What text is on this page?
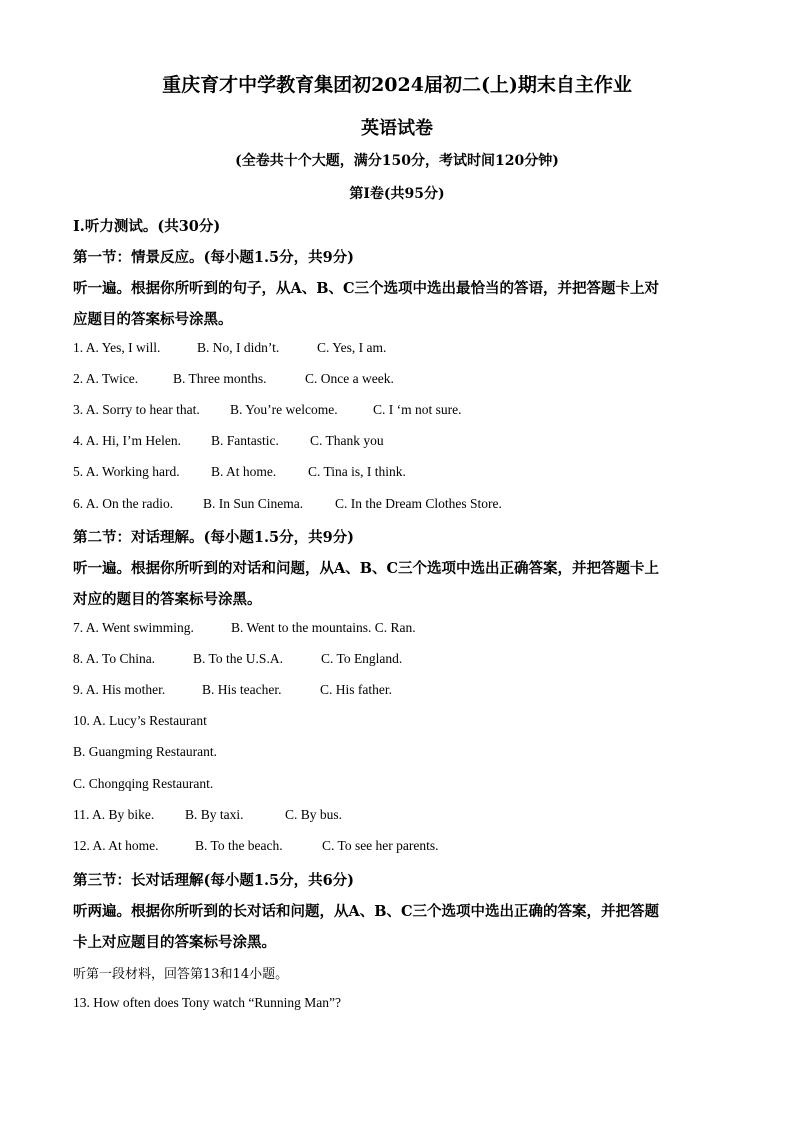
重庆育才中学教育集团初2024届初二(上)期末自主作业
英语试卷
(全卷共十个大题，满分150分，考试时间120分钟)
第I卷(共95分)
I.听力测试。(共30分)
第一节：情景反应。(每小题1.5分，共9分)
听一遍。根据你所听到的句子，从A、B、C三个选项中选出最恰当的答语，并把答题卡上对
应题目的答案标号涂黑。
1. A. Yes, I will.	B. No, I didn’t.	C. Yes, I am.
2. A. Twice.	B. Three months.	C. Once a week.
3. A. Sorry to hear that. B. You’re welcome.	C. I ‘m not sure.
4. A. Hi, I’m Helen. B. Fantastic. C. Thank you
5. A. Working hard. B. At home. C. Tina is, I think.
6. A. On the radio. B. In Sun Cinema. C. In the Dream Clothes Store.
第二节：对话理解。(每小题1.5分，共9分)
听一遍。根据你所听到的对话和问题，从A、B、C三个选项中选出正确答案，并把答题卡上
对应的题目的答案标号涂黑。
7. A. Went swimming.	B. Went to the mountains. C. Ran.
8. A. To China.	B. To the U.S.A.	C. To England.
9. A. His mother.	B. His teacher.	C. His father.
10. A. Lucy’s Restaurant
B. Guangming Restaurant.
C. Chongqing Restaurant.
11. A. By bike. B. By taxi.	C. By bus.
12. A. At home.	B. To the beach.	C. To see her parents.
第三节：长对话理解(每小题1.5分，共6分)
听两遍。根据你所听到的长对话和问题，从A、B、C三个选项中选出正确的答案，并把答题
卡上对应题目的答案标号涂黑。
听第一段材料，回答第13和14小题。
13. How often does Tony watch “Running Man”?
